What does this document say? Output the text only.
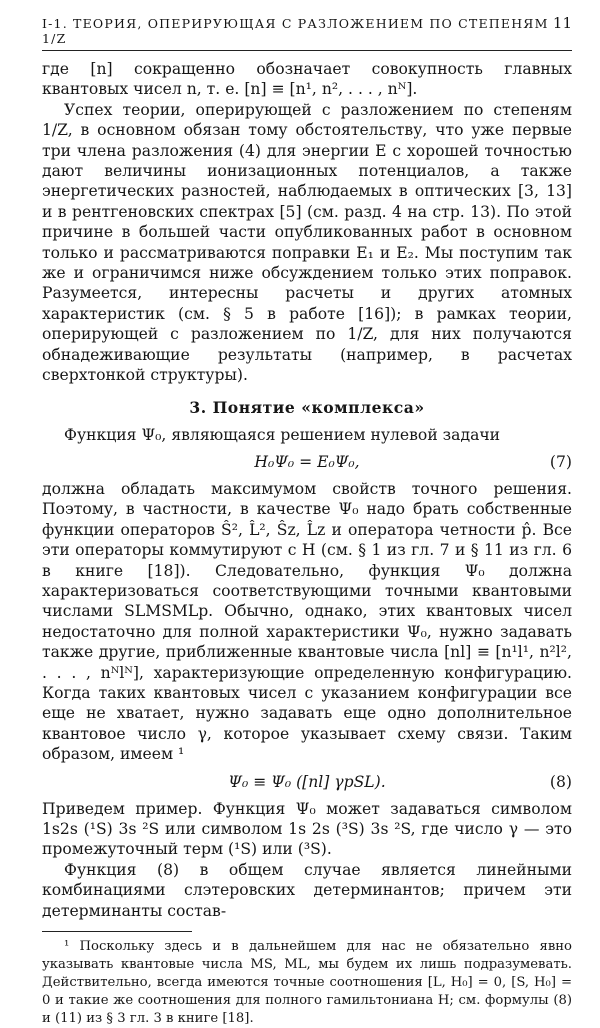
I-1. ТЕОРИЯ, ОПЕРИРУЮЩАЯ С РАЗЛОЖЕНИЕМ ПО СТЕПЕНЯМ 1/Z
11

где [n] сокращенно обозначает совокупность главных квантовых чисел n, т. е. [n] ≡ [n¹, n², . . . , nᴺ].

Успех теории, оперирующей с разложением по степеням 1/Z, в основном обязан тому обстоятельству, что уже первые три члена разложения (4) для энергии E с хорошей точностью дают величины ионизационных потенциалов, а также энергетических разностей, наблюдаемых в оптических [3, 13] и в рентгеновских спектрах [5] (см. разд. 4 на стр. 13). По этой причине в большей части опубликованных работ в основном только и рассматриваются поправки E₁ и E₂. Мы поступим так же и ограничимся ниже обсуждением только этих поправок. Разумеется, интересны расчеты и других атомных характеристик (см. § 5 в работе [16]); в рамках теории, оперирующей с разложением по 1/Z, для них получаются обнадеживающие результаты (например, в расчетах сверхтонкой структуры).

3. Понятие «комплекса»

Функция Ψ₀, являющаяся решением нулевой задачи

H₀Ψ₀ = E₀Ψ₀,	(7)

должна обладать максимумом свойств точного решения. Поэтому, в частности, в качестве Ψ₀ надо брать собственные функции операторов Ŝ², L̂², Ŝz, L̂z и оператора четности p̂. Все эти операторы коммутируют с H (см. § 1 из гл. 7 и § 11 из гл. 6 в книге [18]). Следовательно, функция Ψ₀ должна характеризоваться соответствующими точными квантовыми числами SLMSMLp. Обычно, однако, этих квантовых чисел недостаточно для полной характеристики Ψ₀, нужно задавать также другие, приближенные квантовые числа [nl] ≡ [n¹l¹, n²l², . . . , nᴺlᴺ], характеризующие определенную конфигурацию. Когда таких квантовых чисел с указанием конфигурации все еще не хватает, нужно задавать еще одно дополнительное квантовое число γ, которое указывает схему связи. Таким образом, имеем ¹

Ψ₀ ≡ Ψ₀ ([nl] γpSL).	(8)

Приведем пример. Функция Ψ₀ может задаваться символом 1s2s (¹S) 3s ²S или символом 1s 2s (³S) 3s ²S, где число γ — это промежуточный терм (¹S) или (³S).

Функция (8) в общем случае является линейными комбинациями слэтеровских детерминантов; причем эти детерминанты состав-

¹ Поскольку здесь и в дальнейшем для нас не обязательно явно указывать квантовые числа MS, ML, мы будем их лишь подразумевать. Действительно, всегда имеются точные соотношения [L, H₀] = 0, [S, H₀] = 0 и такие же соотношения для полного гамильтониана H; см. формулы (8) и (11) из § 3 гл. 3 в книге [18].
